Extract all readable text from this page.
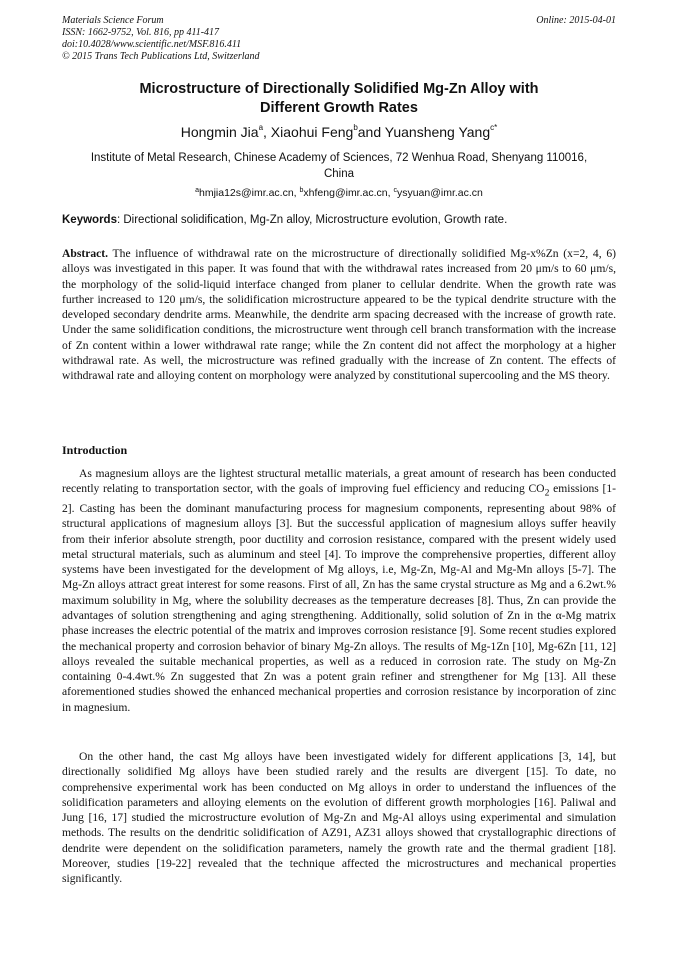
Materials Science Forum
ISSN: 1662-9752, Vol. 816, pp 411-417
doi:10.4028/www.scientific.net/MSF.816.411
© 2015 Trans Tech Publications Ltd, Switzerland
Online: 2015-04-01
Microstructure of Directionally Solidified Mg-Zn Alloy with
Different Growth Rates
Hongmin Jia$^a$, Xiaohui Feng$^b$and Yuansheng Yang$^{c*}$
Institute of Metal Research, Chinese Academy of Sciences, 72 Wenhua Road, Shenyang 110016,
China
$^a$hmjia12s@imr.ac.cn, $^b$xhfeng@imr.ac.cn, $^c$ysyuan@imr.ac.cn
Keywords: Directional solidification, Mg-Zn alloy, Microstructure evolution, Growth rate.

Abstract. The influence of withdrawal rate on the microstructure of directionally solidified Mg-x%Zn (x=2, 4, 6) alloys was investigated in this paper. It was found that with the withdrawal rates increased from 20 μm/s to 60 μm/s, the morphology of the solid-liquid interface changed from planer to cellular dendrite. When the growth rate was further increased to 120 μm/s, the solidification microstructure appeared to be the typical dendrite structure with the developed secondary dendrite arms. Meanwhile, the dendrite arm spacing decreased with the increase of growth rate. Under the same solidification conditions, the microstructure went through cell branch transformation with the increase of Zn content within a lower withdrawal rate range; while the Zn content did not affect the morphology at a higher withdrawal rate. As well, the microstructure was refined gradually with the increase of Zn content. The effects of withdrawal rate and alloying content on morphology were analyzed by constitutional supercooling and the MS theory.

Introduction

As magnesium alloys are the lightest structural metallic materials, a great amount of research has been conducted recently relating to transportation sector, with the goals of improving fuel efficiency and reducing $CO_2$ emissions [1-2]. Casting has been the dominant manufacturing process for magnesium components, representing about 98% of structural applications of magnesium alloys [3]. But the successful application of magnesium alloys suffer heavily from their inferior absolute strength, poor ductility and corrosion resistance, compared with the present widely used metal structural materials, such as aluminum and steel [4]. To improve the comprehensive properties, different alloy systems have been investigated for the development of Mg alloys, i.e, Mg-Zn, Mg-Al and Mg-Mn alloys [5-7]. The Mg-Zn alloys attract great interest for some reasons. First of all, Zn has the same crystal structure as Mg and a 6.2wt.% maximum solubility in Mg, where the solubility decreases as the temperature decreases [8]. Thus, Zn can provide the advantages of solution strengthening and aging strengthening. Additionally, solid solution of Zn in the α-Mg matrix phase increases the electric potential of the matrix and improves corrosion resistance [9]. Some recent studies explored the mechanical property and corrosion behavior of binary Mg-Zn alloys. The results of Mg-1Zn [10], Mg-6Zn [11, 12] alloys revealed the suitable mechanical properties, as well as a reduced in corrosion rate. The study on Mg-Zn containing 0-4.4wt.% Zn suggested that Zn was a potent grain refiner and strengthener for Mg [13]. All these aforementioned studies showed the enhanced mechanical properties and corrosion resistance by incorporation of zinc in magnesium.

On the other hand, the cast Mg alloys have been investigated widely for different applications [3, 14], but directionally solidified Mg alloys have been studied rarely and the results are divergent [15]. To date, no comprehensive experimental work has been conducted on Mg alloys in order to understand the influences of the solidification parameters and alloying elements on the evolution of different growth morphologies [16]. Paliwal and Jung [16, 17] studied the microstructure evolution of Mg-Zn and Mg-Al alloys using experimental and simulation methods. The results on the dendritic solidification of AZ91, AZ31 alloys showed that crystallographic directions of dendrite were dependent on the solidification parameters, namely the growth rate and the thermal gradient [18]. Moreover, studies [19-22] revealed that the technique affected the microstructures and mechanical properties significantly.
